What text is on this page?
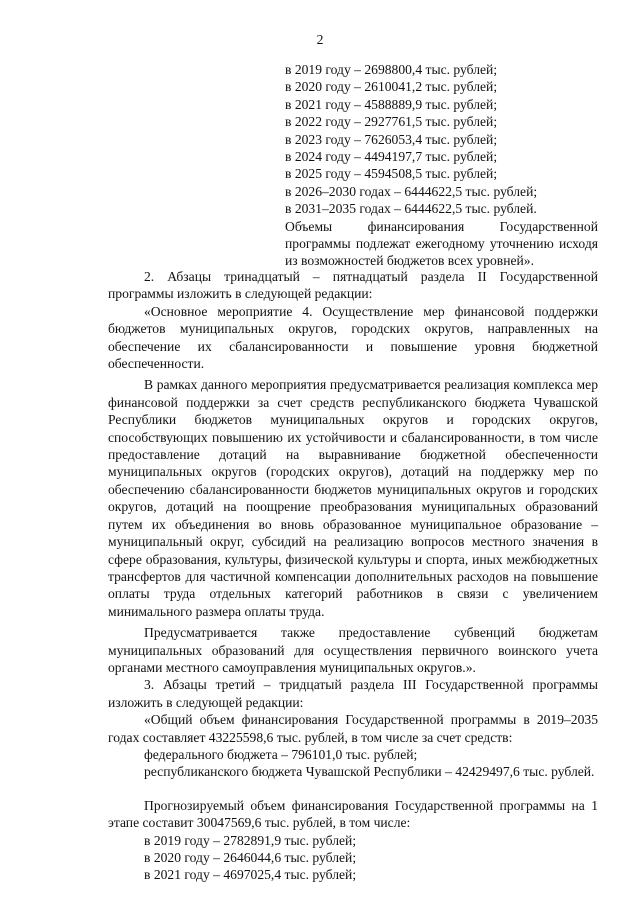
2
в 2019 году – 2698800,4 тыс. рублей;
в 2020 году – 2610041,2 тыс. рублей;
в 2021 году – 4588889,9 тыс. рублей;
в 2022 году – 2927761,5 тыс. рублей;
в 2023 году – 7626053,4 тыс. рублей;
в 2024 году – 4494197,7 тыс. рублей;
в 2025 году – 4594508,5 тыс. рублей;
в 2026–2030 годах – 6444622,5 тыс. рублей;
в 2031–2035 годах – 6444622,5 тыс. рублей.
Объемы финансирования Государственной программы подлежат ежегодному уточнению исходя из возможностей бюджетов всех уровней».

2. Абзацы тринадцатый – пятнадцатый раздела II Государственной программы изложить в следующей редакции:

«Основное мероприятие 4. Осуществление мер финансовой поддержки бюджетов муниципальных округов, городских округов, направленных на обеспечение их сбалансированности и повышение уровня бюджетной обеспеченности.

В рамках данного мероприятия предусматривается реализация комплекса мер финансовой поддержки за счет средств республиканского бюджета Чувашской Республики бюджетов муниципальных округов и городских округов, способствующих повышению их устойчивости и сбалансированности, в том числе предоставление дотаций на выравнивание бюджетной обеспеченности муниципальных округов (городских округов), дотаций на поддержку мер по обеспечению сбалансированности бюджетов муниципальных округов и городских округов, дотаций на поощрение преобразования муниципальных образований путем их объединения во вновь образованное муниципальное образование – муниципальный округ, субсидий на реализацию вопросов местного значения в сфере образования, культуры, физической культуры и спорта, иных межбюджетных трансфертов для частичной компенсации дополнительных расходов на повышение оплаты труда отдельных категорий работников в связи с увеличением минимального размера оплаты труда.

Предусматривается также предоставление субвенций бюджетам муниципальных образований для осуществления первичного воинского учета органами местного самоуправления муниципальных округов.».

3. Абзацы третий – тридцатый раздела III Государственной программы изложить в следующей редакции:

«Общий объем финансирования Государственной программы в 2019–2035 годах составляет 43225598,6 тыс. рублей, в том числе за счет средств:

федерального бюджета – 796101,0 тыс. рублей;

республиканского бюджета Чувашской Республики – 42429497,6 тыс. рублей.

Прогнозируемый объем финансирования Государственной программы на 1 этапе составит 30047569,6 тыс. рублей, в том числе:

в 2019 году – 2782891,9 тыс. рублей;
в 2020 году – 2646044,6 тыс. рублей;
в 2021 году – 4697025,4 тыс. рублей;
